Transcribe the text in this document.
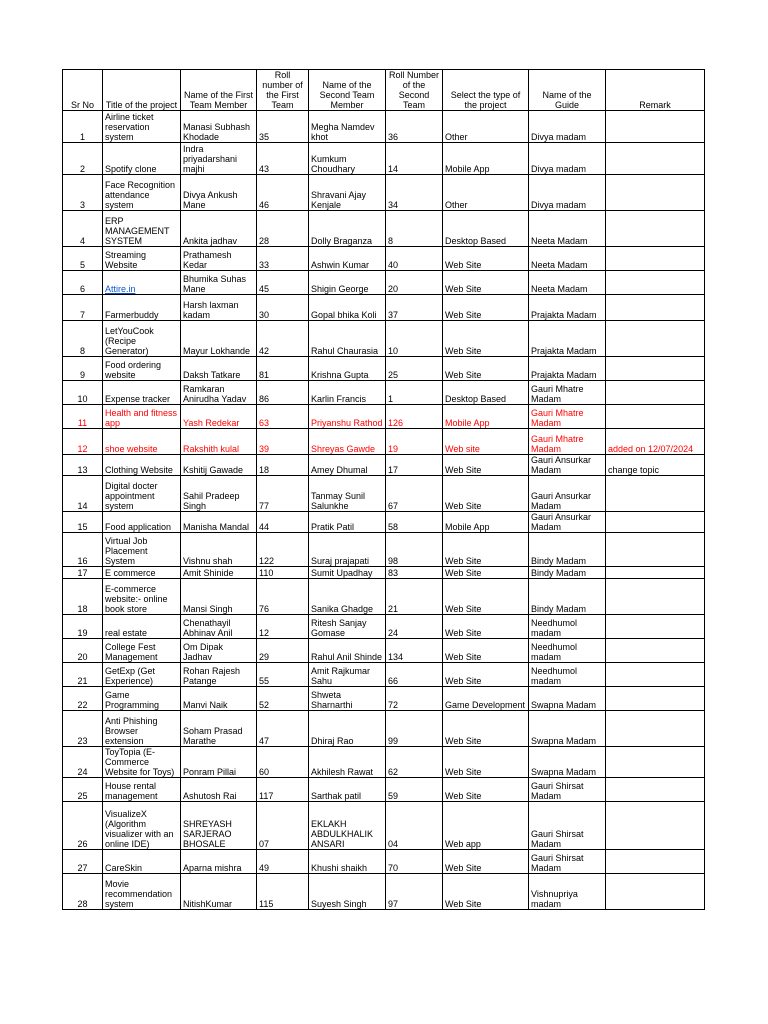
Sr No	Title of the project	Name of the First Team Member	Roll number of the First Team	Name of the Second Team Member	Roll Number of the Second Team	Select the type of the project	Name of the Guide	Remark

1	Airline ticket reservation system	Manasi Subhash Khodade	35	Megha Namdev khot	36	Other	Divya madam	

2	Spotify clone	Indra priyadarshani majhi	43	Kumkum Choudhary	14	Mobile App	Divya madam	

3	Face Recognition attendance system	Divya Ankush Mane	46	Shravani Ajay Kenjale	34	Other	Divya madam	

4	ERP MANAGEMENT SYSTEM	Ankita jadhav	28	Dolly Braganza	8	Desktop Based	Neeta Madam	

5	Streaming Website	Prathamesh Kedar	33	Ashwin Kumar	40	Web Site	Neeta Madam	

6	Attire.in	Bhumika Suhas Mane	45	Shigin George	20	Web Site	Neeta Madam	

7	Farmerbuddy	Harsh laxman kadam	30	Gopal bhika Koli	37	Web Site	Prajakta Madam	

8	LetYouCook (Recipe Generator)	Mayur Lokhande	42	Rahul Chaurasia	10	Web Site	Prajakta Madam	

9	Food ordering website	Daksh Tatkare	81	Krishna Gupta	25	Web Site	Prajakta Madam	

10	Expense tracker	Ramkaran Anirudha Yadav	86	Karlin Francis	1	Desktop Based	Gauri Mhatre Madam	

11	Health and fitness app	Yash Redekar	63	Priyanshu Rathod	126	Mobile App	Gauri Mhatre Madam	

12	shoe website	Rakshith kulal	39	Shreyas Gawde	19	Web site	Gauri Mhatre Madam	added on 12/07/2024

13	Clothing Website	Kshitij Gawade	18	Amey Dhumal	17	Web Site	Gauri Ansurkar Madam	change topic

14	Digital docter appointment system	Sahil Pradeep Singh	77	Tanmay Sunil Salunkhe	67	Web Site	Gauri Ansurkar Madam	

15	Food application	Manisha Mandal	44	Pratik Patil	58	Mobile App	Gauri Ansurkar Madam	

16	Virtual Job Placement System	Vishnu shah	122	Suraj prajapati	98	Web Site	Bindy Madam	

17	E commerce	Amit Shinide	110	Sumit Upadhay	83	Web Site	Bindy Madam	

18	E-commerce website:- online book store	Mansi Singh	76	Sanika Ghadge	21	Web Site	Bindy Madam	

19	real estate	Chenathayil Abhinav Anil	12	Ritesh Sanjay Gomase	24	Web Site	Needhumol madam	

20	College Fest Management	Om Dipak Jadhav	29	Rahul Anil Shinde	134	Web Site	Needhumol madam	

21	GetExp (Get Experience)	Rohan Rajesh Patange	55	Amit Rajkumar Sahu	66	Web Site	Needhumol madam	

22	Game Programming	Manvi Naik	52	Shweta Sharnarthi	72	Game Development	Swapna Madam	

23	Anti Phishing Browser extension	Soham Prasad Marathe	47	Dhiraj Rao	99	Web Site	Swapna Madam	

24	ToyTopia (E-Commerce Website for Toys)	Ponram Pillai	60	Akhilesh Rawat	62	Web Site	Swapna Madam	

25	House rental management	Ashutosh Rai	117	Sarthak patil	59	Web Site	Gauri Shirsat Madam	

26	VisualizeX (Algorithm visualizer with an online IDE)	SHREYASH SARJERAO BHOSALE	07	EKLAKH ABDULKHALIK ANSARI	04	Web app	Gauri Shirsat Madam	

27	CareSkin	Aparna mishra	49	Khushi shaikh	70	Web Site	Gauri Shirsat Madam	

28	Movie recommendation system	NitishKumar	115	Suyesh Singh	97	Web Site	Vishnupriya madam	
